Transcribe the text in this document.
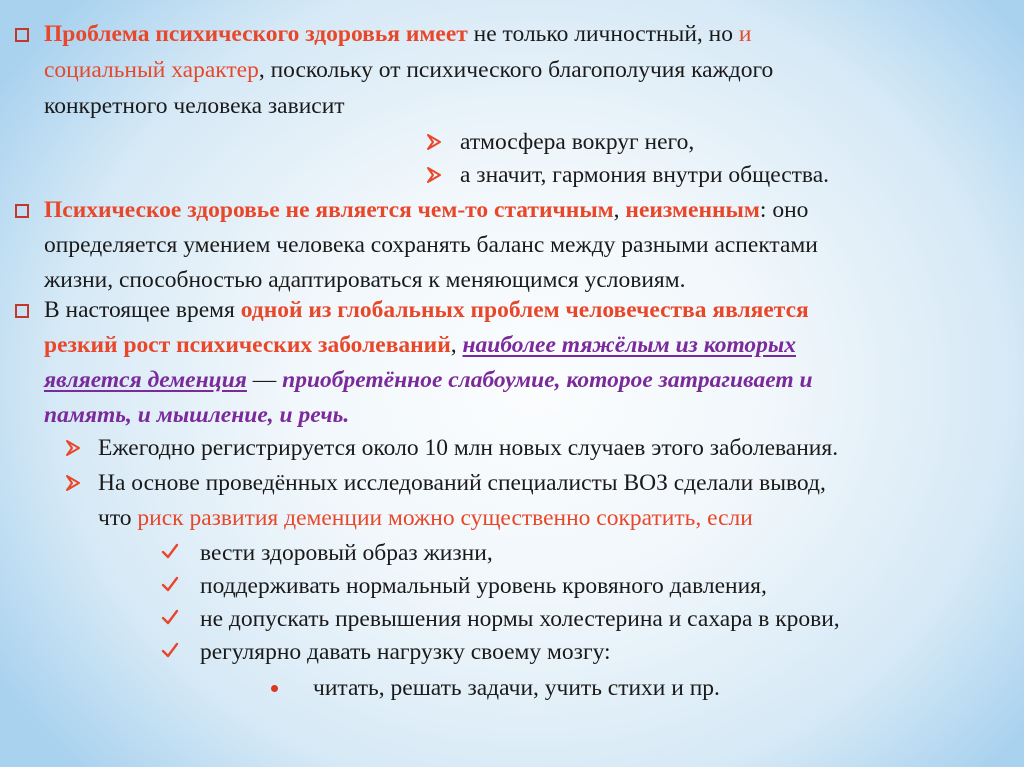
Проблема психического здоровья имеет не только личностный, но и
социальный характер, поскольку от психического благополучия каждого
конкретного человека зависит
атмосфера вокруг него,
а значит, гармония внутри общества.
Психическое здоровье не является чем-то статичным, неизменным: оно
определяется умением человека сохранять баланс между разными аспектами
жизни, способностью адаптироваться к меняющимся условиям.
В настоящее время одной из глобальных проблем человечества является
резкий рост психических заболеваний, наиболее тяжёлым из которых
является деменция — приобретённое слабоумие, которое затрагивает и
память, и мышление, и речь.
Ежегодно регистрируется около 10 млн новых случаев этого заболевания.
На основе проведённых исследований специалисты ВОЗ сделали вывод,
что риск развития деменции можно существенно сократить, если
вести здоровый образ жизни,
поддерживать нормальный уровень кровяного давления,
не допускать превышения нормы холестерина и сахара в крови,
регулярно давать нагрузку своему мозгу:
читать, решать задачи, учить стихи и пр.
